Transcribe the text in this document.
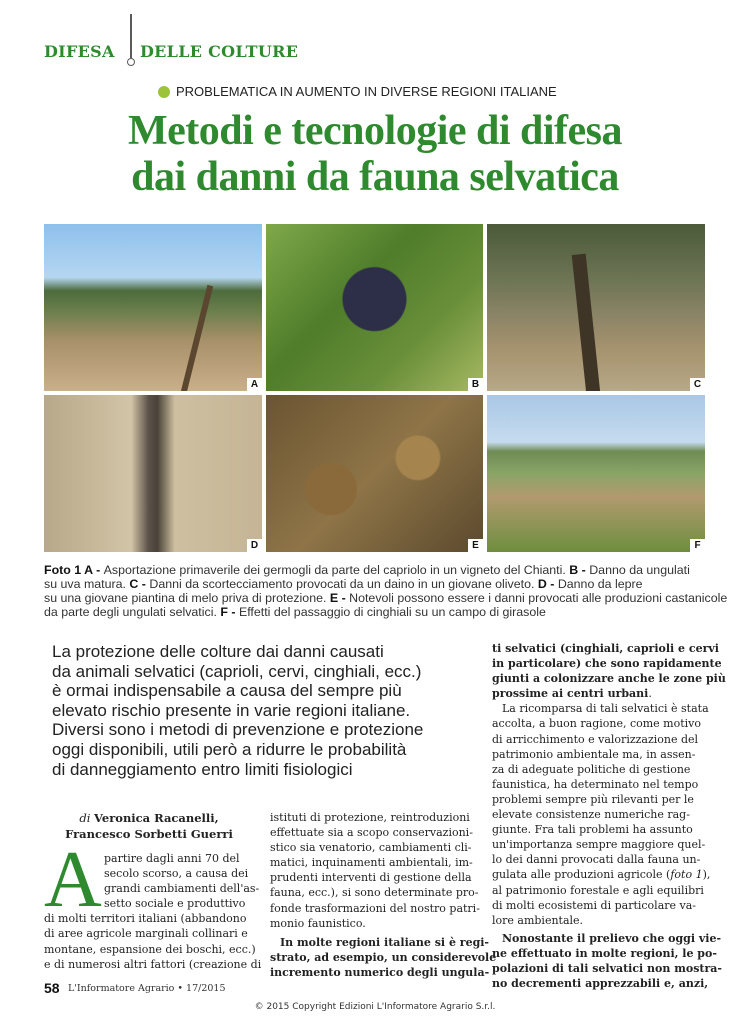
DIFESA DELLE COLTURE
PROBLEMATICA IN AUMENTO IN DIVERSE REGIONI ITALIANE
Metodi e tecnologie di difesa
dai danni da fauna selvatica
A	B	C
D	E	F

Foto 1 A - Asportazione primaverile dei germogli da parte del capriolo in un vigneto del Chianti. B - Danno da ungulati

su uva matura. C - Danni da scortecciamento provocati da un daino in un giovane oliveto. D - Danno da lepre

su una giovane piantina di melo priva di protezione. E - Notevoli possono essere i danni provocati alle produzioni castanicole

da parte degli ungulati selvatici. F - Effetti del passaggio di cinghiali su un campo di girasole

La protezione delle colture dai danni causati

da animali selvatici (caprioli, cervi, cinghiali, ecc.)

è ormai indispensabile a causa del sempre più

elevato rischio presente in varie regioni italiane.

Diversi sono i metodi di prevenzione e protezione

oggi disponibili, utili però a ridurre le probabilità

di danneggiamento entro limiti fisiologici

di Veronica Racanelli,
Francesco Sorbetti Guerri
A partire dagli anni 70 del

secolo scorso, a causa dei

grandi cambiamenti dell'as-

setto sociale e produttivo

di molti territori italiani (abbandono

di aree agricole marginali collinari e

montane, espansione dei boschi, ecc.)

e di numerosi altri fattori (creazione di

istituti di protezione, reintroduzioni

effettuate sia a scopo conservazioni-

stico sia venatorio, cambiamenti cli-

matici, inquinamenti ambientali, im-

prudenti interventi di gestione della

fauna, ecc.), si sono determinate pro-

fonde trasformazioni del nostro patri-

monio faunistico.

In molte regioni italiane si è regi-

strato, ad esempio, un considerevole

incremento numerico degli ungula-

ti selvatici (cinghiali, caprioli e cervi

in particolare) che sono rapidamente

giunti a colonizzare anche le zone più

prossime ai centri urbani.

La ricomparsa di tali selvatici è stata

accolta, a buon ragione, come motivo

di arricchimento e valorizzazione del

patrimonio ambientale ma, in assen-

za di adeguate politiche di gestione

faunistica, ha determinato nel tempo

problemi sempre più rilevanti per le

elevate consistenze numeriche rag-

giunte. Fra tali problemi ha assunto

un'importanza sempre maggiore quel-

lo dei danni provocati dalla fauna un-

gulata alle produzioni agricole (foto 1),

al patrimonio forestale e agli equilibri

di molti ecosistemi di particolare va-

lore ambientale.

Nonostante il prelievo che oggi vie-

ne effettuato in molte regioni, le po-

polazioni di tali selvatici non mostra-

no decrementi apprezzabili e, anzi,

58 L'Informatore Agrario • 17/2015
© 2015 Copyright Edizioni L'Informatore Agrario S.r.l.
